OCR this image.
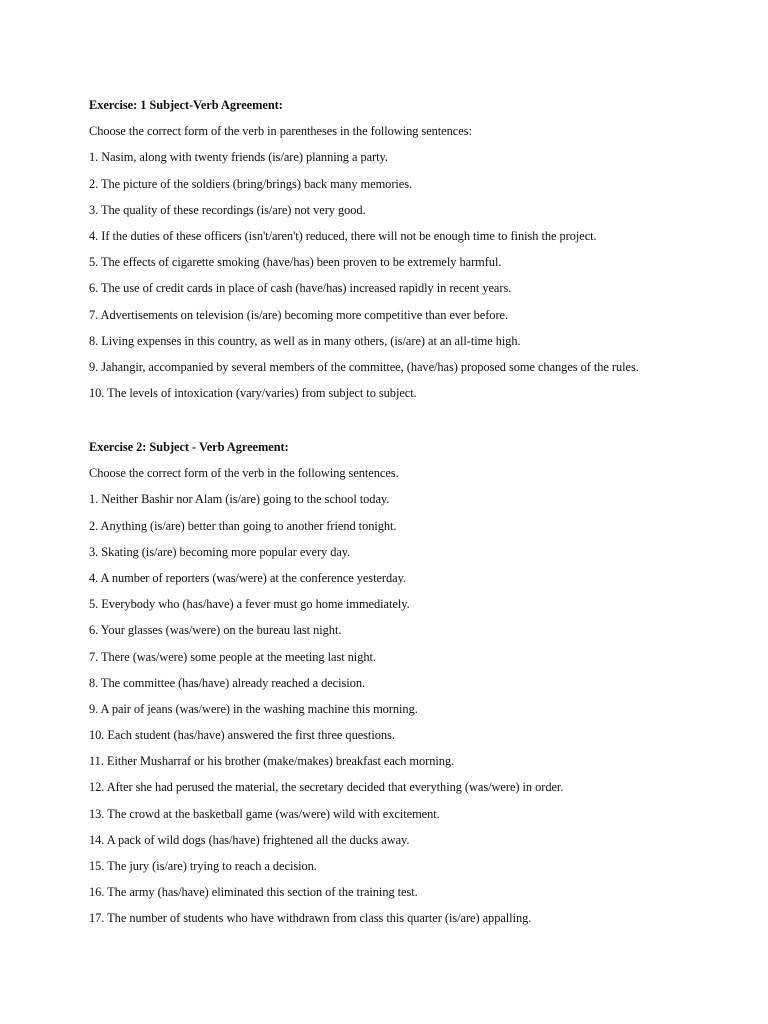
Exercise: 1 Subject-Verb Agreement:
Choose the correct form of the verb in parentheses in the following sentences:
1. Nasim, along with twenty friends (is/are) planning a party.
2. The picture of the soldiers (bring/brings) back many memories.
3. The quality of these recordings (is/are) not very good.
4. If the duties of these officers (isn't/aren't) reduced, there will not be enough time to finish the project.
5. The effects of cigarette smoking (have/has) been proven to be extremely harmful.
6. The use of credit cards in place of cash (have/has) increased rapidly in recent years.
7. Advertisements on television (is/are) becoming more competitive than ever before.
8. Living expenses in this country, as well as in many others, (is/are) at an all-time high.
9. Jahangir, accompanied by several members of the committee, (have/has) proposed some changes of the rules.
10. The levels of intoxication (vary/varies) from subject to subject.
Exercise 2: Subject - Verb Agreement:
Choose the correct form of the verb in the following sentences.
1. Neither Bashir nor Alam (is/are) going to the school today.
2. Anything (is/are) better than going to another friend tonight.
3. Skating (is/are) becoming more popular every day.
4. A number of reporters (was/were) at the conference yesterday.
5. Everybody who (has/have) a fever must go home immediately.
6. Your glasses (was/were) on the bureau last night.
7. There (was/were) some people at the meeting last night.
8. The committee (has/have) already reached a decision.
9. A pair of jeans (was/were) in the washing machine this morning.
10. Each student (has/have) answered the first three questions.
11. Either Musharraf or his brother (make/makes) breakfast each morning.
12. After she had perused the material, the secretary decided that everything (was/were) in order.
13. The crowd at the basketball game (was/were) wild with excitement.
14. A pack of wild dogs (has/have) frightened all the ducks away.
15. The jury (is/are) trying to reach a decision.
16. The army (has/have) eliminated this section of the training test.
17. The number of students who have withdrawn from class this quarter (is/are) appalling.
